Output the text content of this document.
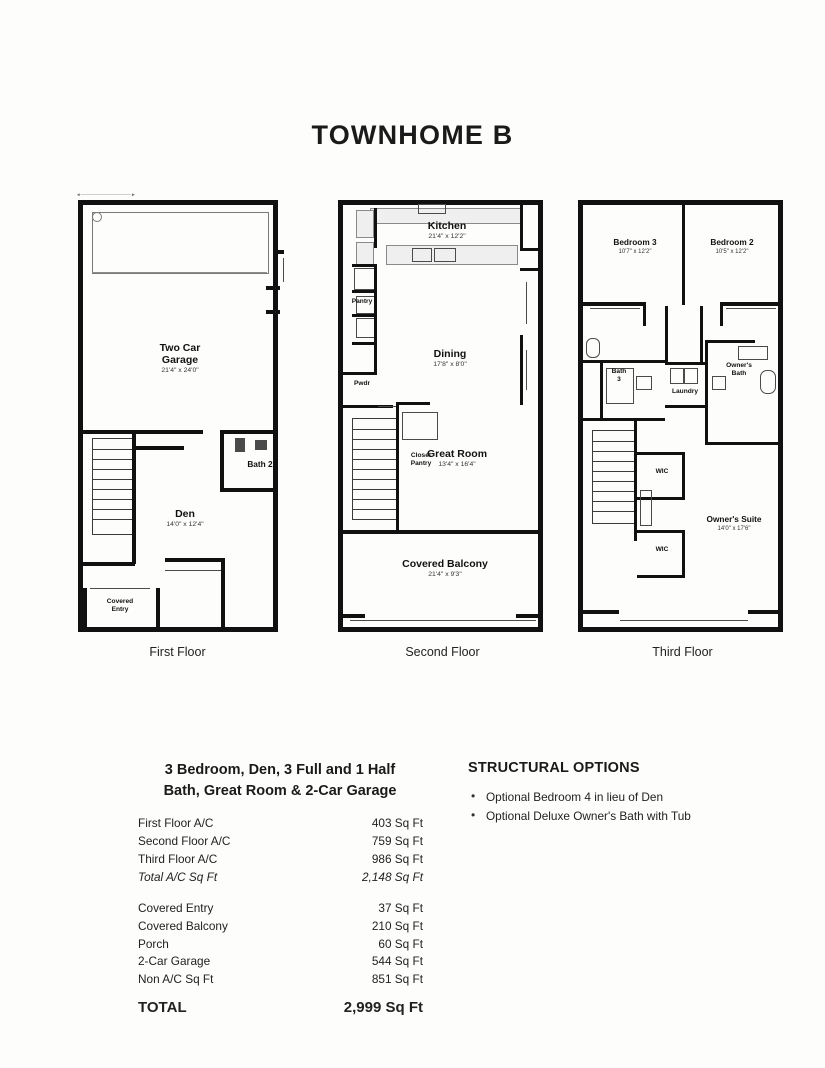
TOWNHOME B
Two Car
Garage
21'4" x 24'0"
Bath 2
Den
14'0" x 12'4"
Covered
Entry
◄———————————►
First Floor
Kitchen
21'4" x 12'2"
Pantry
Pwdr
Dining
17'8" x 8'0"
Great Room
13'4" x 16'4"
Closet
Pantry
Covered Balcony
21'4" x 9'3"
Second Floor
Bedroom 3
10'7" x 12'2"
Bedroom 2
10'5" x 12'2"
Bath
3
Laundry
Owner's
Bath
WIC
WIC
Owner's Suite
14'0" x 17'6"
Third Floor
3 Bedroom, Den, 3 Full and 1 Half
Bath, Great Room & 2-Car Garage
First Floor A/C	403 Sq Ft
Second Floor A/C	759 Sq Ft
Third Floor A/C	986 Sq Ft
Total A/C Sq Ft	2,148 Sq Ft
Covered Entry	37 Sq Ft
Covered Balcony	210 Sq Ft
Porch	60 Sq Ft
2-Car Garage	544 Sq Ft
Non A/C Sq Ft	851 Sq Ft
TOTAL	2,999 Sq Ft
STRUCTURAL OPTIONS
• Optional Bedroom 4 in lieu of Den
• Optional Deluxe Owner's Bath with Tub
